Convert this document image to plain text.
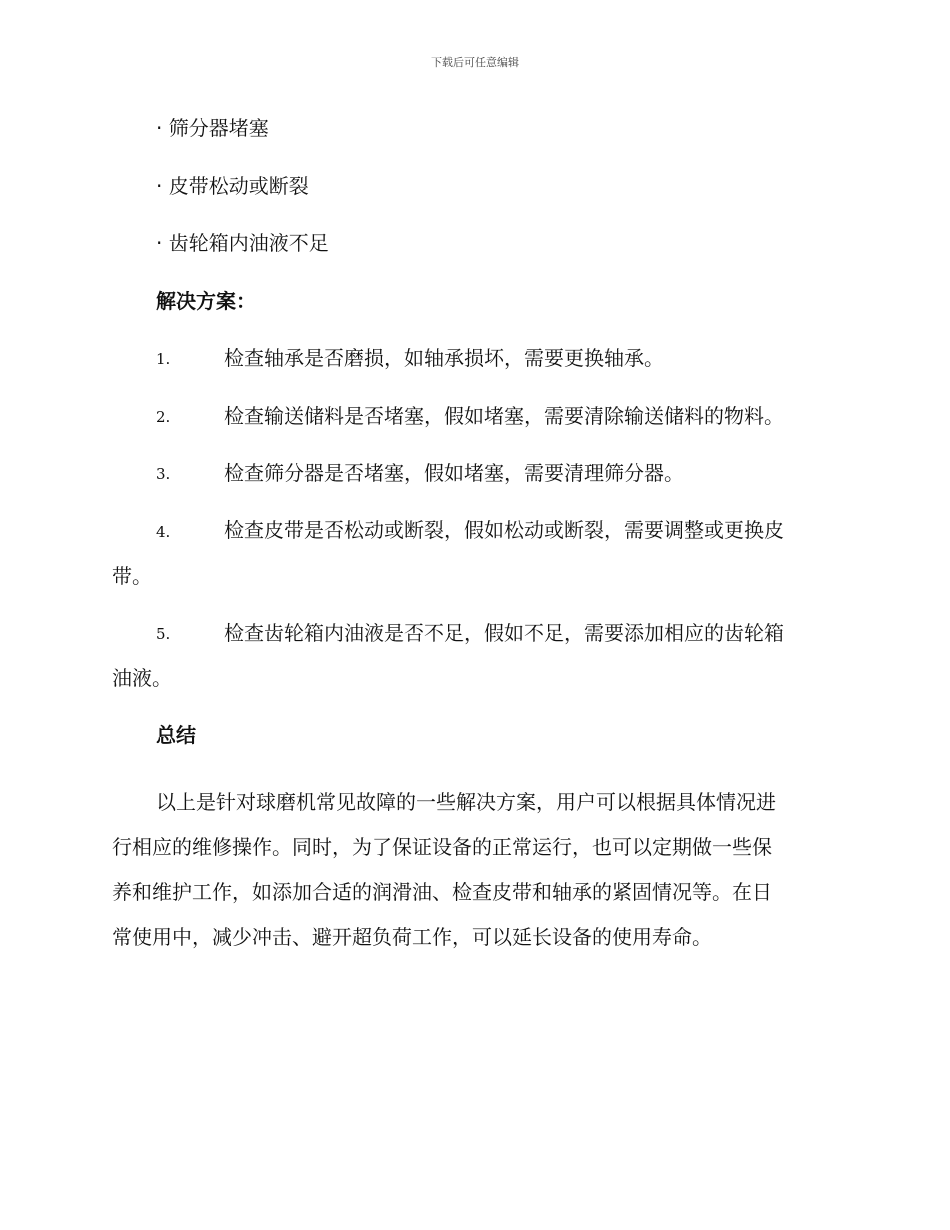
下载后可任意编辑
· 筛分器堵塞
· 皮带松动或断裂
· 齿轮箱内油液不足
解决方案：
1.	检查轴承是否磨损，如轴承损坏，需要更换轴承。
2.	检查输送储料是否堵塞，假如堵塞，需要清除输送储料的物料。
3.	检查筛分器是否堵塞，假如堵塞，需要清理筛分器。
4.	检查皮带是否松动或断裂，假如松动或断裂，需要调整或更换皮
带。
5.	检查齿轮箱内油液是否不足，假如不足，需要添加相应的齿轮箱
油液。
总结
以上是针对球磨机常见故障的一些解决方案，用户可以根据具体情况进
行相应的维修操作。同时，为了保证设备的正常运行，也可以定期做一些保
养和维护工作，如添加合适的润滑油、检查皮带和轴承的紧固情况等。在日
常使用中，减少冲击、避开超负荷工作，可以延长设备的使用寿命。
